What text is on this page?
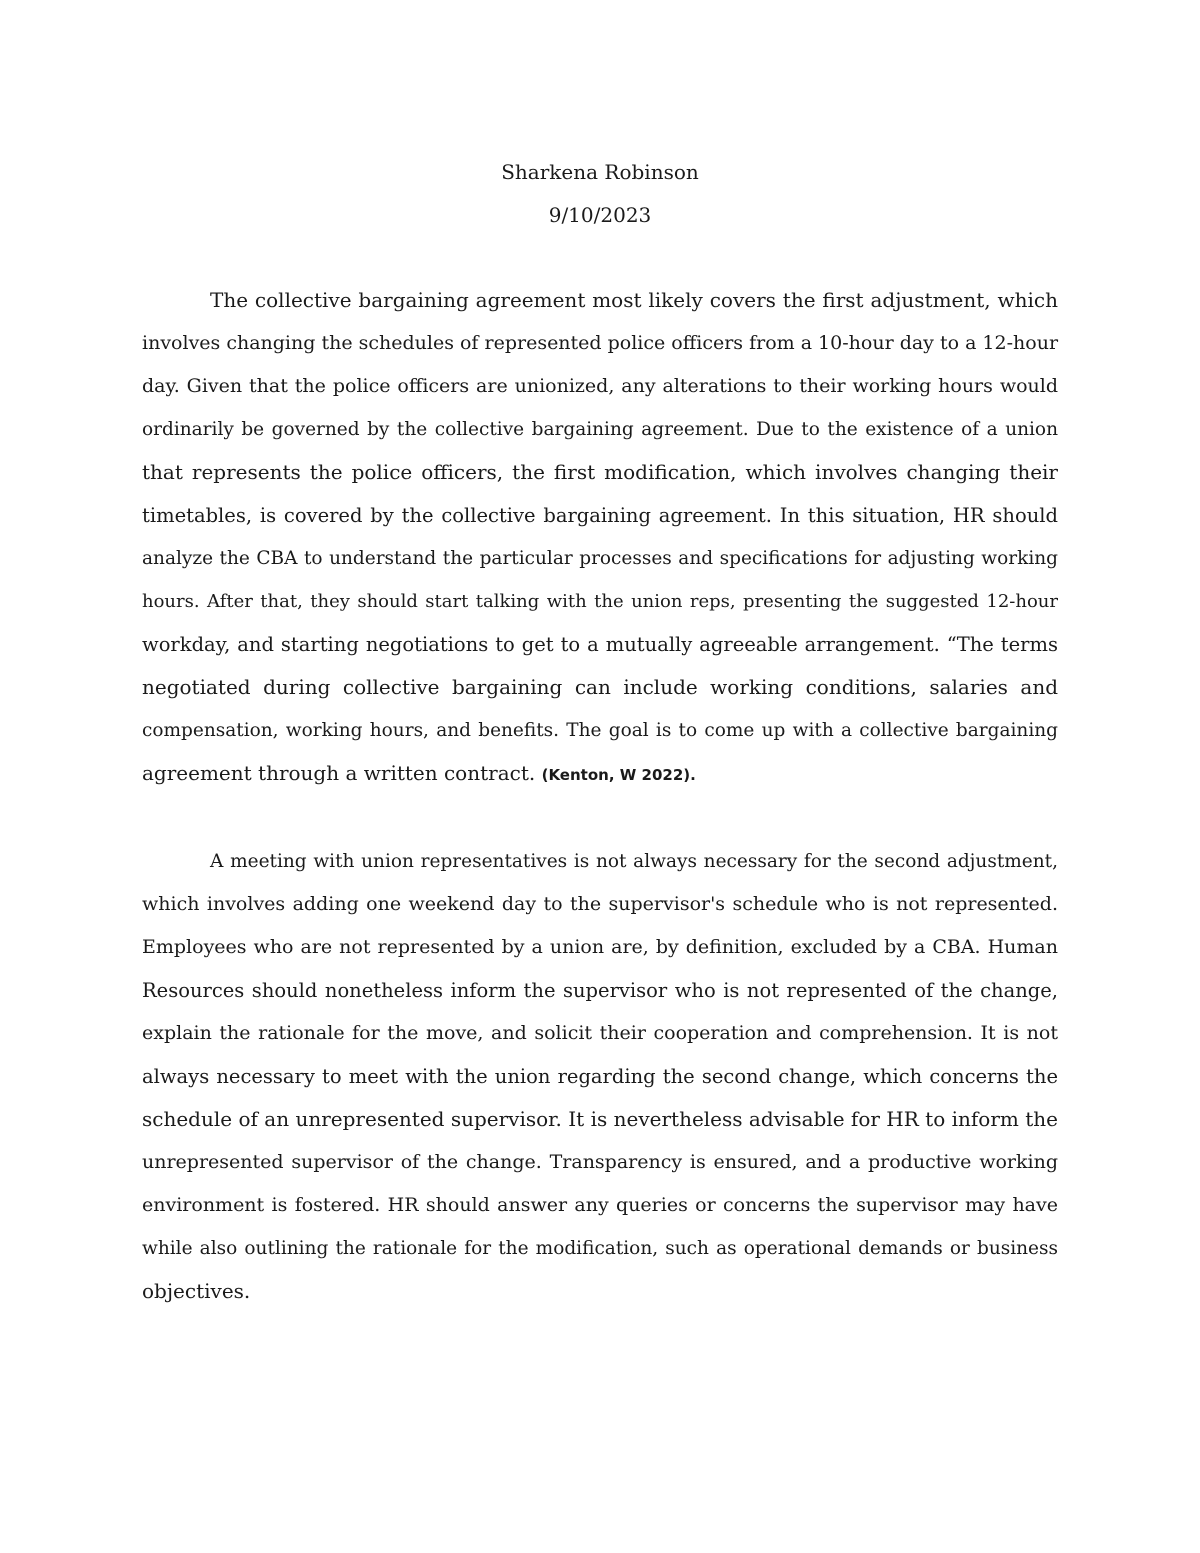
Sharkena Robinson
9/10/2023
The collective bargaining agreement most likely covers the first adjustment, which
involves changing the schedules of represented police officers from a 10-hour day to a 12-hour
day. Given that the police officers are unionized, any alterations to their working hours would
ordinarily be governed by the collective bargaining agreement. Due to the existence of a union
that represents the police officers, the first modification, which involves changing their
timetables, is covered by the collective bargaining agreement. In this situation, HR should
analyze the CBA to understand the particular processes and specifications for adjusting working
hours. After that, they should start talking with the union reps, presenting the suggested 12-hour
workday, and starting negotiations to get to a mutually agreeable arrangement. “The terms
negotiated during collective bargaining can include working conditions, salaries and
compensation, working hours, and benefits. The goal is to come up with a collective bargaining
agreement through a written contract. (Kenton, W 2022).
A meeting with union representatives is not always necessary for the second adjustment,
which involves adding one weekend day to the supervisor's schedule who is not represented.
Employees who are not represented by a union are, by definition, excluded by a CBA. Human
Resources should nonetheless inform the supervisor who is not represented of the change,
explain the rationale for the move, and solicit their cooperation and comprehension. It is not
always necessary to meet with the union regarding the second change, which concerns the
schedule of an unrepresented supervisor. It is nevertheless advisable for HR to inform the
unrepresented supervisor of the change. Transparency is ensured, and a productive working
environment is fostered. HR should answer any queries or concerns the supervisor may have
while also outlining the rationale for the modification, such as operational demands or business
objectives.
